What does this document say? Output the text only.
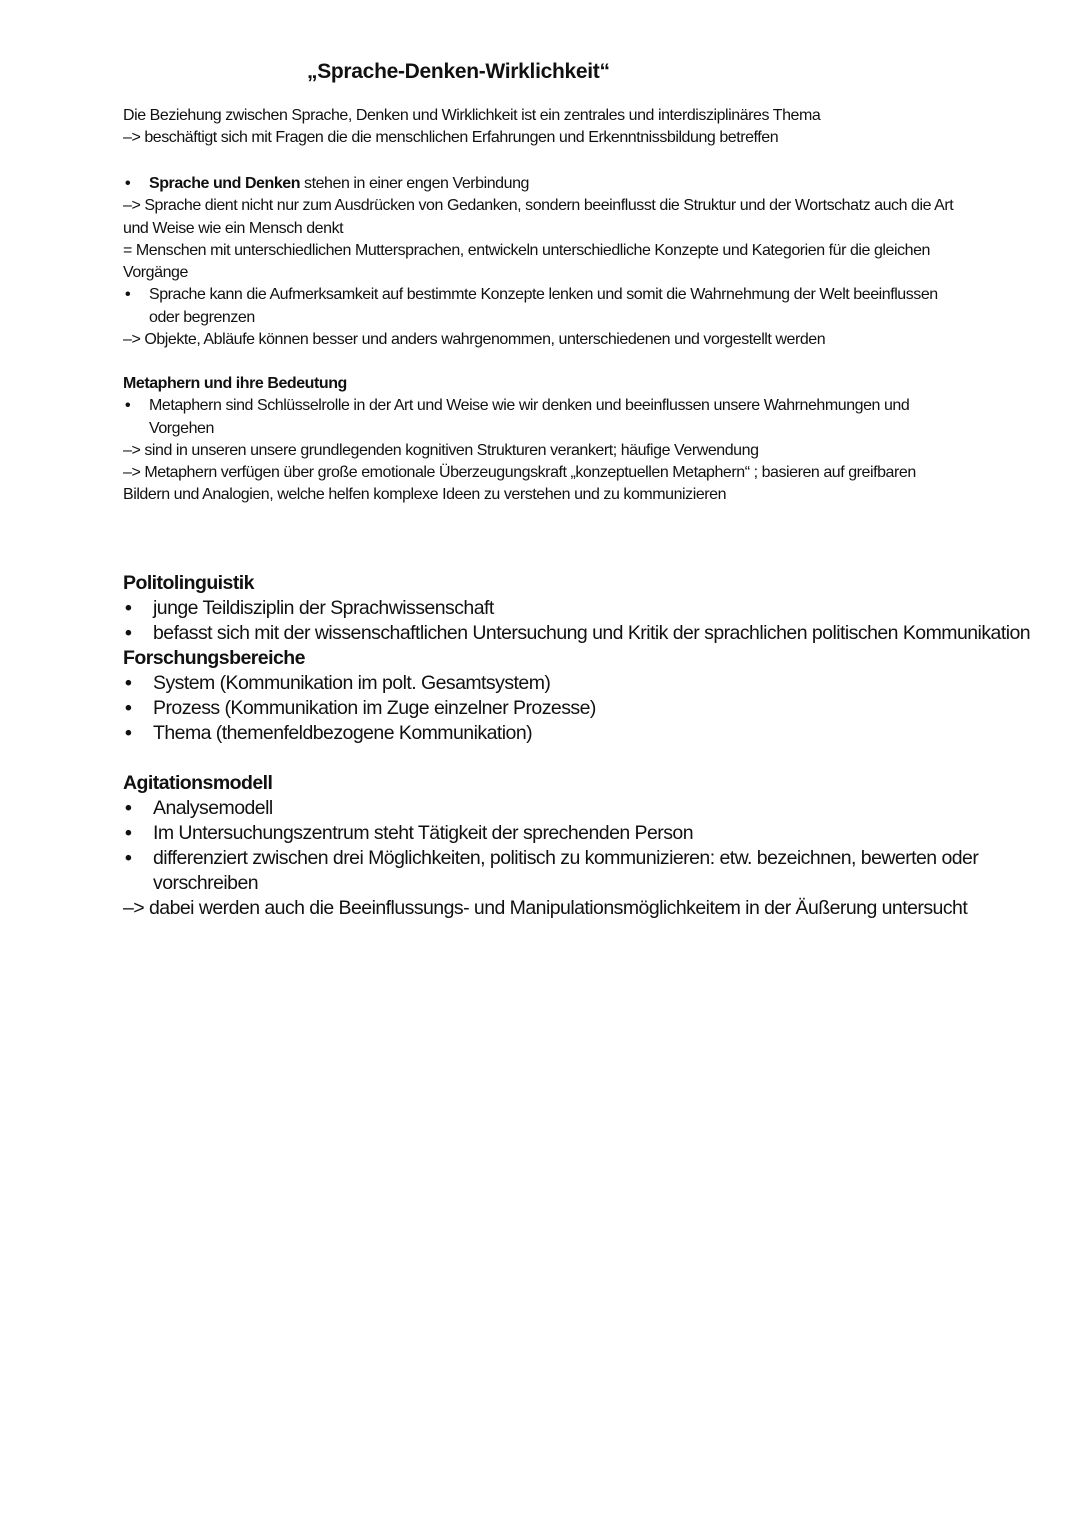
„Sprache-Denken-Wirklichkeit“
Die Beziehung zwischen Sprache, Denken und Wirklichkeit ist ein zentrales und interdisziplinäres Thema
–> beschäftigt sich mit Fragen die die menschlichen Erfahrungen und Erkenntnissbildung betreffen
• Sprache und Denken stehen in einer engen Verbindung
–> Sprache dient nicht nur zum Ausdrücken von Gedanken, sondern beeinflusst die Struktur und der Wortschatz auch die Art
und Weise wie ein Mensch denkt
= Menschen mit unterschiedlichen Muttersprachen, entwickeln unterschiedliche Konzepte und Kategorien für die gleichen
Vorgänge
• Sprache kann die Aufmerksamkeit auf bestimmte Konzepte lenken und somit die Wahrnehmung der Welt beeinflussen
oder begrenzen
–> Objekte, Abläufe können besser und anders wahrgenommen, unterschiedenen und vorgestellt werden
Metaphern und ihre Bedeutung
• Metaphern sind Schlüsselrolle in der Art und Weise wie wir denken und beeinflussen unsere Wahrnehmungen und
Vorgehen
–> sind in unseren unsere grundlegenden kognitiven Strukturen verankert; häufige Verwendung
–> Metaphern verfügen über große emotionale Überzeugungskraft „konzeptuellen Metaphern“ ; basieren auf greifbaren
Bildern und Analogien, welche helfen komplexe Ideen zu verstehen und zu kommunizieren
Politolinguistik
• junge Teildisziplin der Sprachwissenschaft
• befasst sich mit der wissenschaftlichen Untersuchung und Kritik der sprachlichen politischen Kommunikation
Forschungsbereiche
• System (Kommunikation im polt. Gesamtsystem)
• Prozess (Kommunikation im Zuge einzelner Prozesse)
• Thema (themenfeldbezogene Kommunikation)
Agitationsmodell
• Analysemodell
• Im Untersuchungszentrum steht Tätigkeit der sprechenden Person
• differenziert zwischen drei Möglichkeiten, politisch zu kommunizieren: etw. bezeichnen, bewerten oder
vorschreiben
–> dabei werden auch die Beeinflussungs- und Manipulationsmöglichkeitem in der Äußerung untersucht
